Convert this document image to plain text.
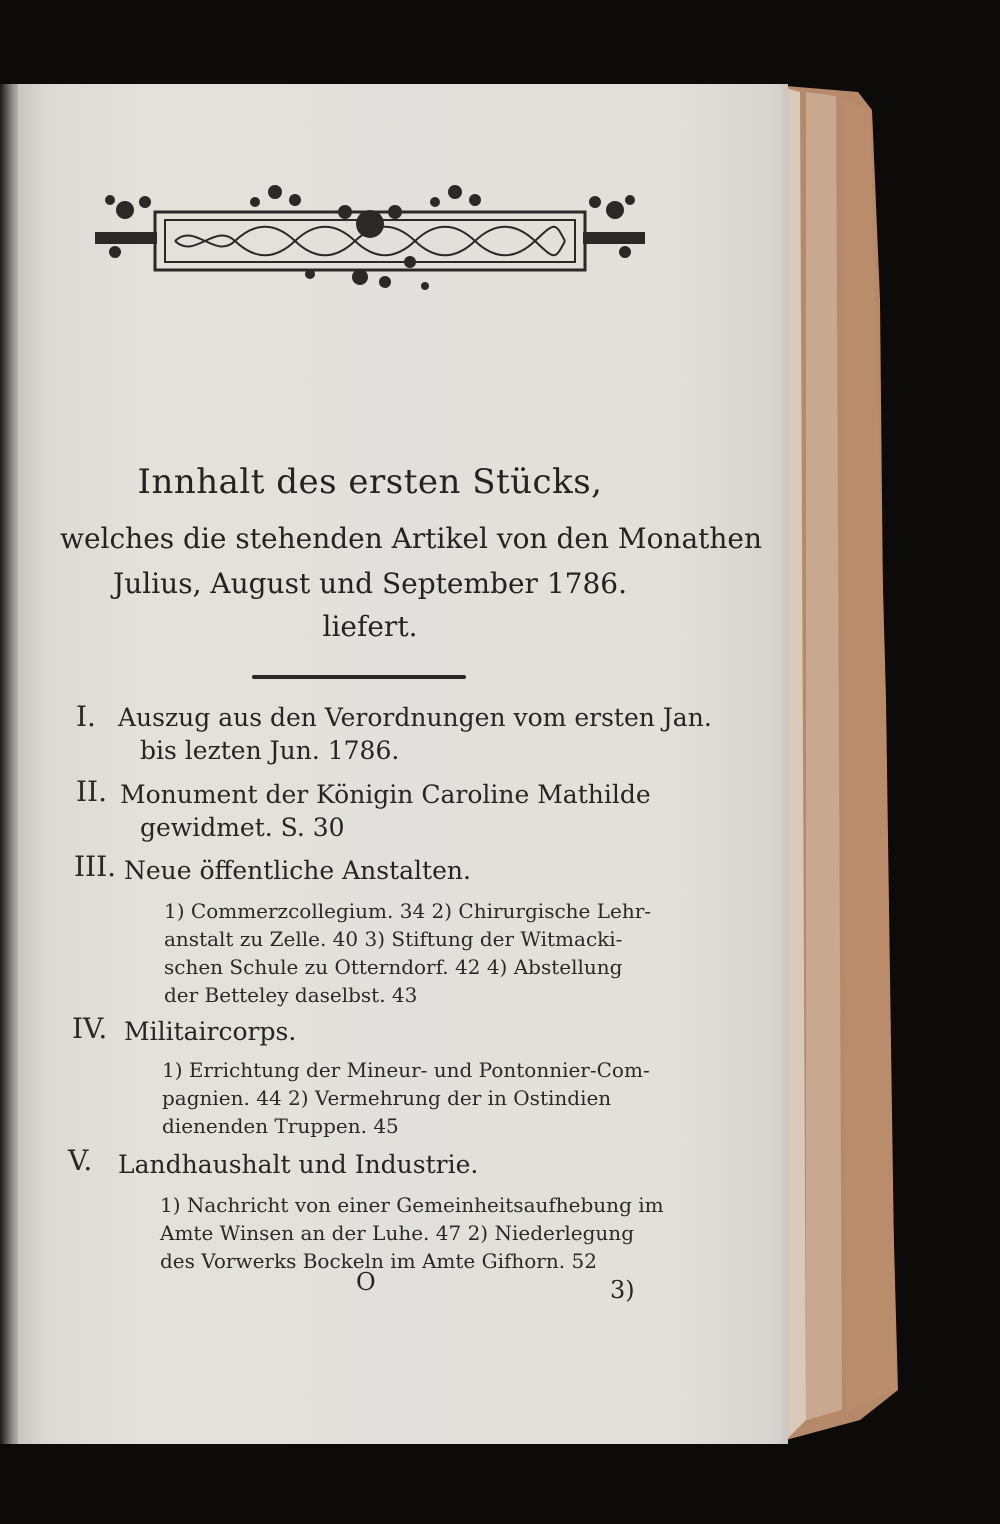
Innhalt des ersten Stücks,
welches die stehenden Artikel von den Monathen
Julius, August und September 1786.
liefert.
I. Auszug aus den Verordnungen vom ersten Jan.
bis lezten Jun. 1786.
II. Monument der Königin Caroline Mathilde
gewidmet. S. 30
III. Neue öffentliche Anstalten.
1) Commerzcollegium. 34 2) Chirurgische Lehr-
anstalt zu Zelle. 40 3) Stiftung der Witmacki-
schen Schule zu Otterndorf. 42 4) Abstellung
der Betteley daselbst. 43
IV. Militaircorps.
1) Errichtung der Mineur- und Pontonnier-Com-
pagnien. 44 2) Vermehrung der in Ostindien
dienenden Truppen. 45
V. Landhaushalt und Industrie.
1) Nachricht von einer Gemeinheitsaufhebung im
Amte Winsen an der Luhe. 47 2) Niederlegung
des Vorwerks Bockeln im Amte Gifhorn. 52
O	3)
